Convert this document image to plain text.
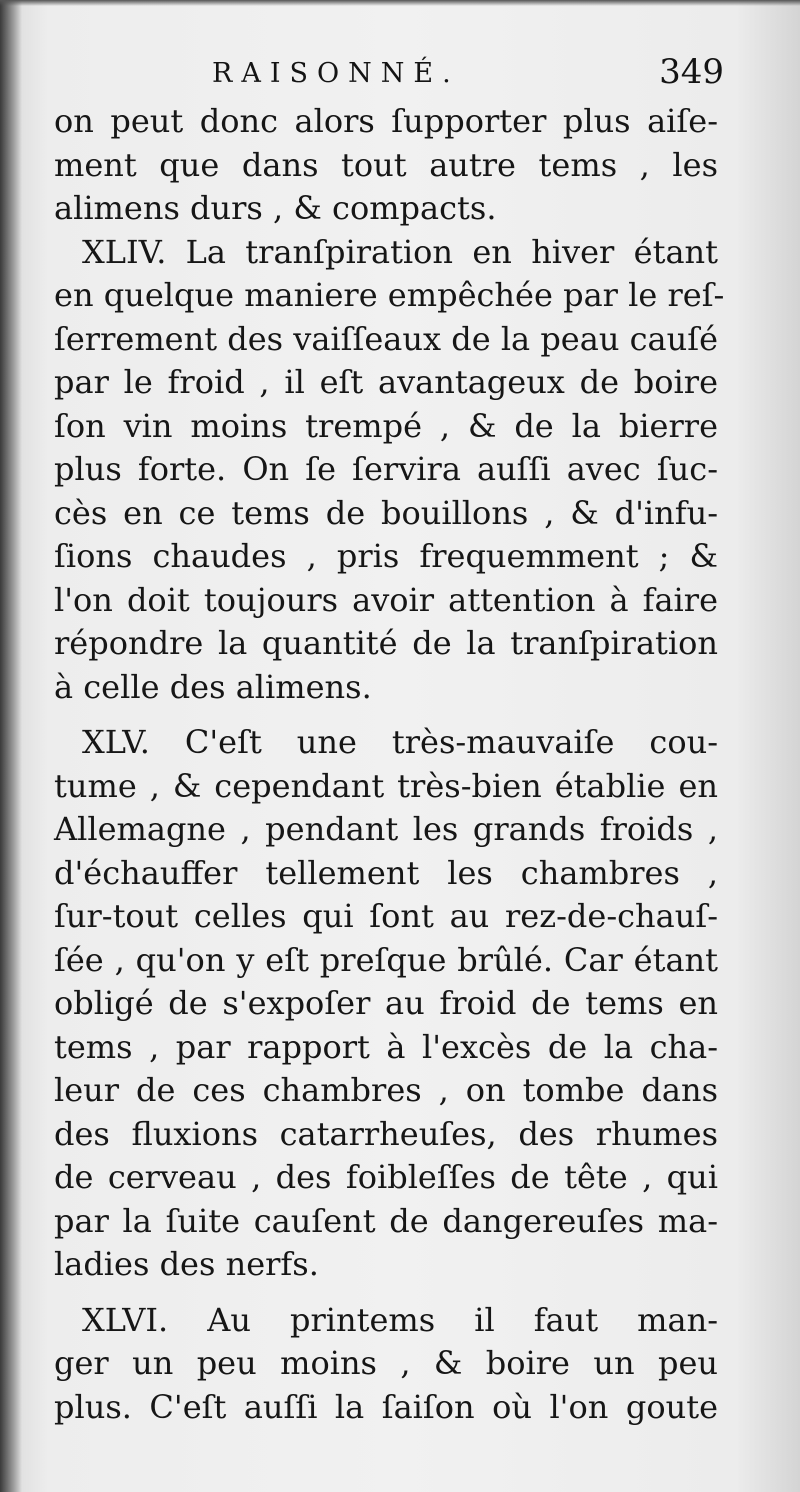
RAISONNÉ.	349
on peut donc alors ſupporter plus aiſe-
ment que dans tout autre tems , les
alimens durs , & compacts.
XLIV. La tranſpiration en hiver étant
en quelque maniere empêchée par le reſ-
ſerrement des vaiſſeaux de la peau cauſé
par le froid , il eſt avantageux de boire
ſon vin moins trempé , & de la bierre
plus forte. On ſe ſervira auſſi avec ſuc-
cès en ce tems de bouillons , & d'infu-
ſions chaudes , pris frequemment ; &
l'on doit toujours avoir attention à faire
répondre la quantité de la tranſpiration
à celle des alimens.
XLV. C'eſt une très-mauvaiſe cou-
tume , & cependant très-bien établie en
Allemagne , pendant les grands froids ,
d'échauffer tellement les chambres ,
ſur-tout celles qui ſont au rez-de-chauſ-
ſée , qu'on y eſt preſque brûlé. Car étant
obligé de s'expoſer au froid de tems en
tems , par rapport à l'excès de la cha-
leur de ces chambres , on tombe dans
des fluxions catarrheuſes, des rhumes
de cerveau , des foibleſſes de tête , qui
par la ſuite cauſent de dangereuſes ma-
ladies des nerfs.
XLVI. Au printems il faut man-
ger un peu moins , & boire un peu
plus. C'eſt auſſi la ſaiſon où l'on goute
